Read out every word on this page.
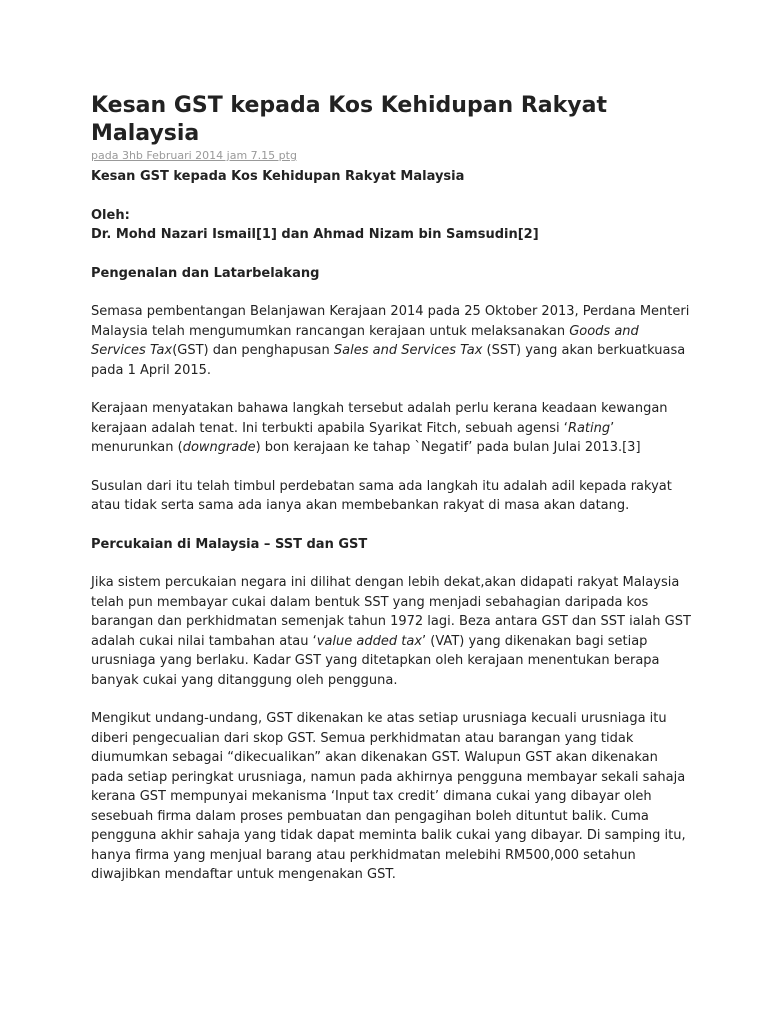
Kesan GST kepada Kos Kehidupan Rakyat Malaysia
pada 3hb Februari 2014 jam 7.15 ptg

Kesan GST kepada Kos Kehidupan Rakyat Malaysia

Oleh:

Dr. Mohd Nazari Ismail[1] dan Ahmad Nizam bin Samsudin[2]

Pengenalan dan Latarbelakang

Semasa pembentangan Belanjawan Kerajaan 2014 pada 25 Oktober 2013, Perdana Menteri Malaysia telah mengumumkan rancangan kerajaan untuk melaksanakan Goods and Services Tax(GST) dan penghapusan Sales and Services Tax (SST) yang akan berkuatkuasa pada 1 April 2015.

Kerajaan menyatakan bahawa langkah tersebut adalah perlu kerana keadaan kewangan kerajaan adalah tenat. Ini terbukti apabila Syarikat Fitch, sebuah agensi ‘Rating’ menurunkan (downgrade) bon kerajaan ke tahap `Negatif’ pada bulan Julai 2013.[3]

Susulan dari itu telah timbul perdebatan sama ada langkah itu adalah adil kepada rakyat atau tidak serta sama ada ianya akan membebankan rakyat di masa akan datang.

Percukaian di Malaysia – SST dan GST

Jika sistem percukaian negara ini dilihat dengan lebih dekat,akan didapati rakyat Malaysia telah pun membayar cukai dalam bentuk SST yang menjadi sebahagian daripada kos barangan dan perkhidmatan semenjak tahun 1972 lagi. Beza antara GST dan SST ialah GST adalah cukai nilai tambahan atau ‘value added tax’ (VAT) yang dikenakan bagi setiap urusniaga yang berlaku. Kadar GST yang ditetapkan oleh kerajaan menentukan berapa banyak cukai yang ditanggung oleh pengguna.

Mengikut undang-undang, GST dikenakan ke atas setiap urusniaga kecuali urusniaga itu diberi pengecualian dari skop GST. Semua perkhidmatan atau barangan yang tidak diumumkan sebagai “dikecualikan” akan dikenakan GST. Walupun GST akan dikenakan pada setiap peringkat urusniaga, namun pada akhirnya pengguna membayar sekali sahaja kerana GST mempunyai mekanisma ‘Input tax credit’ dimana cukai yang dibayar oleh sesebuah firma dalam proses pembuatan dan pengagihan boleh dituntut balik. Cuma pengguna akhir sahaja yang tidak dapat meminta balik cukai yang dibayar. Di samping itu, hanya firma yang menjual barang atau perkhidmatan melebihi RM500,000 setahun diwajibkan mendaftar untuk mengenakan GST.
